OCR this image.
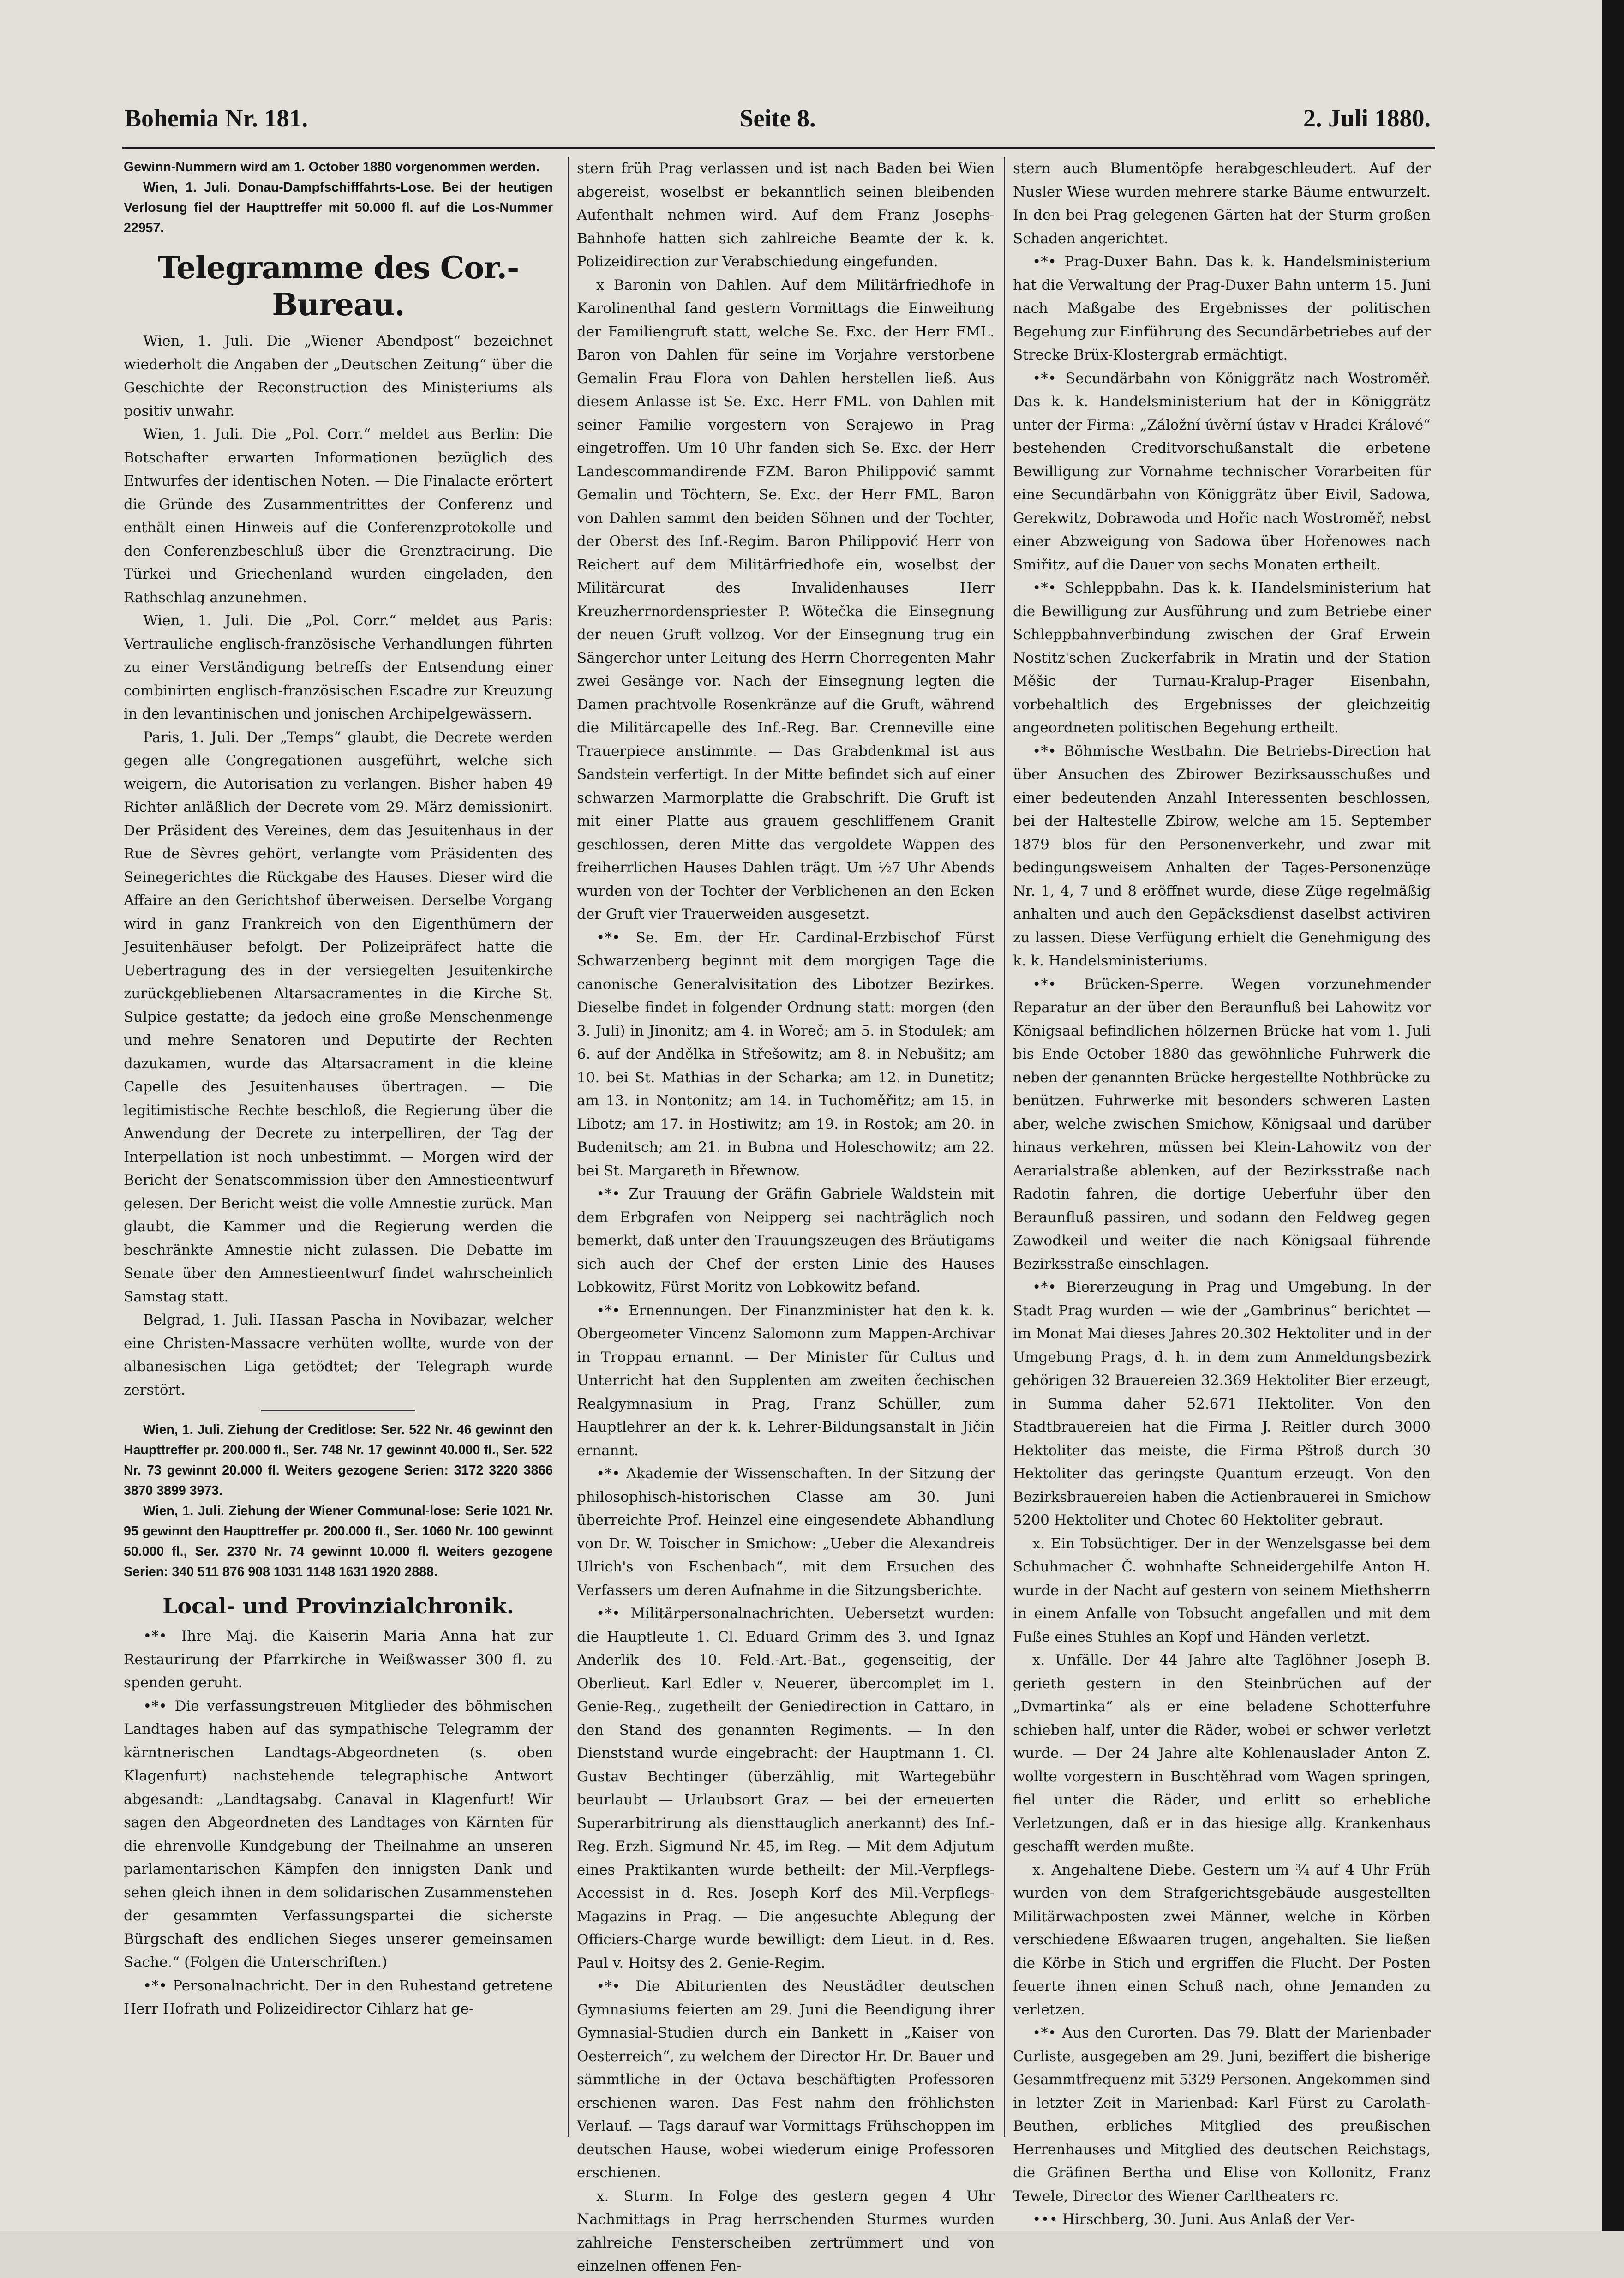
Bohemia Nr. 181.	Seite 8.	2. Juli 1880.

Gewinn-Nummern wird am 1. October 1880 vorgenommen werden.

Wien, 1. Juli. Donau-Dampfschifffahrts-Lose. Bei der heutigen Verlosung fiel der Haupttreffer mit 50.000 fl. auf die Los-Nummer 22957.

Telegramme des Cor.-Bureau.

Wien, 1. Juli. Die „Wiener Abendpost“ bezeichnet wiederholt die Angaben der „Deutschen Zeitung“ über die Geschichte der Reconstruction des Ministeriums als positiv unwahr.

Wien, 1. Juli. Die „Pol. Corr.“ meldet aus Berlin: Die Botschafter erwarten Informationen bezüglich des Entwurfes der identischen Noten. — Die Finalacte erörtert die Gründe des Zusammentrittes der Conferenz und enthält einen Hinweis auf die Conferenzprotokolle und den Conferenzbeschluß über die Grenztracirung. Die Türkei und Griechenland wurden eingeladen, den Rathschlag anzunehmen.

Wien, 1. Juli. Die „Pol. Corr.“ meldet aus Paris: Vertrauliche englisch-französische Verhandlungen führten zu einer Verständigung betreffs der Entsendung einer combinirten englisch-französischen Escadre zur Kreuzung in den levantinischen und jonischen Archipelgewässern.

Paris, 1. Juli. Der „Temps“ glaubt, die Decrete werden gegen alle Congregationen ausgeführt, welche sich weigern, die Autorisation zu verlangen. Bisher haben 49 Richter anläßlich der Decrete vom 29. März demissionirt. Der Präsident des Vereines, dem das Jesuitenhaus in der Rue de Sèvres gehört, verlangte vom Präsidenten des Seinegerichtes die Rückgabe des Hauses. Dieser wird die Affaire an den Gerichtshof überweisen. Derselbe Vorgang wird in ganz Frankreich von den Eigenthümern der Jesuitenhäuser befolgt. Der Polizeipräfect hatte die Uebertragung des in der versiegelten Jesuitenkirche zurückgebliebenen Altarsacramentes in die Kirche St. Sulpice gestatte; da jedoch eine große Menschenmenge und mehre Senatoren und Deputirte der Rechten dazukamen, wurde das Altarsacrament in die kleine Capelle des Jesuitenhauses übertragen. — Die legitimistische Rechte beschloß, die Regierung über die Anwendung der Decrete zu interpelliren, der Tag der Interpellation ist noch unbestimmt. — Morgen wird der Bericht der Senatscommission über den Amnestieentwurf gelesen. Der Bericht weist die volle Amnestie zurück. Man glaubt, die Kammer und die Regierung werden die beschränkte Amnestie nicht zulassen. Die Debatte im Senate über den Amnestieentwurf findet wahrscheinlich Samstag statt.

Belgrad, 1. Juli. Hassan Pascha in Novibazar, welcher eine Christen-Massacre verhüten wollte, wurde von der albanesischen Liga getödtet; der Telegraph wurde zerstört.

Wien, 1. Juli. Ziehung der Creditlose: Ser. 522 Nr. 46 gewinnt den Haupttreffer pr. 200.000 fl., Ser. 748 Nr. 17 gewinnt 40.000 fl., Ser. 522 Nr. 73 gewinnt 20.000 fl. Weiters gezogene Serien: 3172 3220 3866 3870 3899 3973.

Wien, 1. Juli. Ziehung der Wiener Communal-lose: Serie 1021 Nr. 95 gewinnt den Haupttreffer pr. 200.000 fl., Ser. 1060 Nr. 100 gewinnt 50.000 fl., Ser. 2370 Nr. 74 gewinnt 10.000 fl. Weiters gezogene Serien: 340 511 876 908 1031 1148 1631 1920 2888.

Local- und Provinzialchronik.

•*• Ihre Maj. die Kaiserin Maria Anna hat zur Restaurirung der Pfarrkirche in Weißwasser 300 fl. zu spenden geruht.

•*• Die verfassungstreuen Mitglieder des böhmischen Landtages haben auf das sympathische Telegramm der kärntnerischen Landtags-Abgeordneten (s. oben Klagenfurt) nachstehende telegraphische Antwort abgesandt: „Landtagsabg. Canaval in Klagenfurt! Wir sagen den Abgeordneten des Landtages von Kärnten für die ehrenvolle Kundgebung der Theilnahme an unseren parlamentarischen Kämpfen den innigsten Dank und sehen gleich ihnen in dem solidarischen Zusammenstehen der gesammten Verfassungspartei die sicherste Bürgschaft des endlichen Sieges unserer gemeinsamen Sache.“ (Folgen die Unterschriften.)

•*• Personalnachricht. Der in den Ruhestand getretene Herr Hofrath und Polizeidirector Cihlarz hat ge-

stern früh Prag verlassen und ist nach Baden bei Wien abgereist, woselbst er bekanntlich seinen bleibenden Aufenthalt nehmen wird. Auf dem Franz Josephs-Bahnhofe hatten sich zahlreiche Beamte der k. k. Polizeidirection zur Verabschiedung eingefunden.

x Baronin von Dahlen. Auf dem Militärfriedhofe in Karolinenthal fand gestern Vormittags die Einweihung der Familiengruft statt, welche Se. Exc. der Herr FML. Baron von Dahlen für seine im Vorjahre verstorbene Gemalin Frau Flora von Dahlen herstellen ließ. Aus diesem Anlasse ist Se. Exc. Herr FML. von Dahlen mit seiner Familie vorgestern von Serajewo in Prag eingetroffen. Um 10 Uhr fanden sich Se. Exc. der Herr Landescommandirende FZM. Baron Philippović sammt Gemalin und Töchtern, Se. Exc. der Herr FML. Baron von Dahlen sammt den beiden Söhnen und der Tochter, der Oberst des Inf.-Regim. Baron Philippović Herr von Reichert auf dem Militärfriedhofe ein, woselbst der Militärcurat des Invalidenhauses Herr Kreuzherrnordenspriester P. Wötečka die Einsegnung der neuen Gruft vollzog. Vor der Einsegnung trug ein Sängerchor unter Leitung des Herrn Chorregenten Mahr zwei Gesänge vor. Nach der Einsegnung legten die Damen prachtvolle Rosenkränze auf die Gruft, während die Militärcapelle des Inf.-Reg. Bar. Crenneville eine Trauerpiece anstimmte. — Das Grabdenkmal ist aus Sandstein verfertigt. In der Mitte befindet sich auf einer schwarzen Marmorplatte die Grabschrift. Die Gruft ist mit einer Platte aus grauem geschliffenem Granit geschlossen, deren Mitte das vergoldete Wappen des freiherrlichen Hauses Dahlen trägt. Um ½7 Uhr Abends wurden von der Tochter der Verblichenen an den Ecken der Gruft vier Trauerweiden ausgesetzt.

•*• Se. Em. der Hr. Cardinal-Erzbischof Fürst Schwarzenberg beginnt mit dem morgigen Tage die canonische Generalvisitation des Libotzer Bezirkes. Dieselbe findet in folgender Ordnung statt: morgen (den 3. Juli) in Jinonitz; am 4. in Woreč; am 5. in Stodulek; am 6. auf der Andělka in Střešowitz; am 8. in Nebušitz; am 10. bei St. Mathias in der Scharka; am 12. in Dunetitz; am 13. in Nontonitz; am 14. in Tuchoměřitz; am 15. in Libotz; am 17. in Hostiwitz; am 19. in Rostok; am 20. in Budenitsch; am 21. in Bubna und Holeschowitz; am 22. bei St. Margareth in Břewnow.

•*• Zur Trauung der Gräfin Gabriele Waldstein mit dem Erbgrafen von Neipperg sei nachträglich noch bemerkt, daß unter den Trauungszeugen des Bräutigams sich auch der Chef der ersten Linie des Hauses Lobkowitz, Fürst Moritz von Lobkowitz befand.

•*• Ernennungen. Der Finanzminister hat den k. k. Obergeometer Vincenz Salomonn zum Mappen-Archivar in Troppau ernannt. — Der Minister für Cultus und Unterricht hat den Supplenten am zweiten čechischen Realgymnasium in Prag, Franz Schüller, zum Hauptlehrer an der k. k. Lehrer-Bildungsanstalt in Jičin ernannt.

•*• Akademie der Wissenschaften. In der Sitzung der philosophisch-historischen Classe am 30. Juni überreichte Prof. Heinzel eine eingesendete Abhandlung von Dr. W. Toischer in Smichow: „Ueber die Alexandreis Ulrich's von Eschenbach“, mit dem Ersuchen des Verfassers um deren Aufnahme in die Sitzungsberichte.

•*• Militärpersonalnachrichten. Uebersetzt wurden: die Hauptleute 1. Cl. Eduard Grimm des 3. und Ignaz Anderlik des 10. Feld.-Art.-Bat., gegenseitig, der Oberlieut. Karl Edler v. Neuerer, übercomplet im 1. Genie-Reg., zugetheilt der Geniedirection in Cattaro, in den Stand des genannten Regiments. — In den Dienststand wurde eingebracht: der Hauptmann 1. Cl. Gustav Bechtinger (überzählig, mit Wartegebühr beurlaubt — Urlaubsort Graz — bei der erneuerten Superarbitrirung als diensttauglich anerkannt) des Inf.-Reg. Erzh. Sigmund Nr. 45, im Reg. — Mit dem Adjutum eines Praktikanten wurde betheilt: der Mil.-Verpflegs-Accessist in d. Res. Joseph Korf des Mil.-Verpflegs-Magazins in Prag. — Die angesuchte Ablegung der Officiers-Charge wurde bewilligt: dem Lieut. in d. Res. Paul v. Hoitsy des 2. Genie-Regim.

•*• Die Abiturienten des Neustädter deutschen Gymnasiums feierten am 29. Juni die Beendigung ihrer Gymnasial-Studien durch ein Bankett in „Kaiser von Oesterreich“, zu welchem der Director Hr. Dr. Bauer und sämmtliche in der Octava beschäftigten Professoren erschienen waren. Das Fest nahm den fröhlichsten Verlauf. — Tags darauf war Vormittags Frühschoppen im deutschen Hause, wobei wiederum einige Professoren erschienen.

x. Sturm. In Folge des gestern gegen 4 Uhr Nachmittags in Prag herrschenden Sturmes wurden zahlreiche Fensterscheiben zertrümmert und von einzelnen offenen Fen-

stern auch Blumentöpfe herabgeschleudert. Auf der Nusler Wiese wurden mehrere starke Bäume entwurzelt. In den bei Prag gelegenen Gärten hat der Sturm großen Schaden angerichtet.

•*• Prag-Duxer Bahn. Das k. k. Handelsministerium hat die Verwaltung der Prag-Duxer Bahn unterm 15. Juni nach Maßgabe des Ergebnisses der politischen Begehung zur Einführung des Secundärbetriebes auf der Strecke Brüx-Klostergrab ermächtigt.

•*• Secundärbahn von Königgrätz nach Wostroměř. Das k. k. Handelsministerium hat der in Königgrätz unter der Firma: „Záložní úvěrní ústav v Hradci Králové“ bestehenden Creditvorschußanstalt die erbetene Bewilligung zur Vornahme technischer Vorarbeiten für eine Secundärbahn von Königgrätz über Eivil, Sadowa, Gerekwitz, Dobrawoda und Hořic nach Wostroměř, nebst einer Abzweigung von Sadowa über Hořenowes nach Smiřitz, auf die Dauer von sechs Monaten ertheilt.

•*• Schleppbahn. Das k. k. Handelsministerium hat die Bewilligung zur Ausführung und zum Betriebe einer Schleppbahnverbindung zwischen der Graf Erwein Nostitz'schen Zuckerfabrik in Mratin und der Station Měšic der Turnau-Kralup-Prager Eisenbahn, vorbehaltlich des Ergebnisses der gleichzeitig angeordneten politischen Begehung ertheilt.

•*• Böhmische Westbahn. Die Betriebs-Direction hat über Ansuchen des Zbirower Bezirksausschußes und einer bedeutenden Anzahl Interessenten beschlossen, bei der Haltestelle Zbirow, welche am 15. September 1879 blos für den Personenverkehr, und zwar mit bedingungsweisem Anhalten der Tages-Personenzüge Nr. 1, 4, 7 und 8 eröffnet wurde, diese Züge regelmäßig anhalten und auch den Gepäcksdienst daselbst activiren zu lassen. Diese Verfügung erhielt die Genehmigung des k. k. Handelsministeriums.

•*• Brücken-Sperre. Wegen vorzunehmender Reparatur an der über den Beraunfluß bei Lahowitz vor Königsaal befindlichen hölzernen Brücke hat vom 1. Juli bis Ende October 1880 das gewöhnliche Fuhrwerk die neben der genannten Brücke hergestellte Nothbrücke zu benützen. Fuhrwerke mit besonders schweren Lasten aber, welche zwischen Smichow, Königsaal und darüber hinaus verkehren, müssen bei Klein-Lahowitz von der Aerarialstraße ablenken, auf der Bezirksstraße nach Radotin fahren, die dortige Ueberfuhr über den Beraunfluß passiren, und sodann den Feldweg gegen Zawodkeil und weiter die nach Königsaal führende Bezirksstraße einschlagen.

•*• Biererzeugung in Prag und Umgebung. In der Stadt Prag wurden — wie der „Gambrinus“ berichtet — im Monat Mai dieses Jahres 20.302 Hektoliter und in der Umgebung Prags, d. h. in dem zum Anmeldungsbezirk gehörigen 32 Brauereien 32.369 Hektoliter Bier erzeugt, in Summa daher 52.671 Hektoliter. Von den Stadtbrauereien hat die Firma J. Reitler durch 3000 Hektoliter das meiste, die Firma Pštroß durch 30 Hektoliter das geringste Quantum erzeugt. Von den Bezirksbrauereien haben die Actienbrauerei in Smichow 5200 Hektoliter und Chotec 60 Hektoliter gebraut.

x. Ein Tobsüchtiger. Der in der Wenzelsgasse bei dem Schuhmacher Č. wohnhafte Schneidergehilfe Anton H. wurde in der Nacht auf gestern von seinem Miethsherrn in einem Anfalle von Tobsucht angefallen und mit dem Fuße eines Stuhles an Kopf und Händen verletzt.

x. Unfälle. Der 44 Jahre alte Taglöhner Joseph B. gerieth gestern in den Steinbrüchen auf der „Dvmartinka“ als er eine beladene Schotterfuhre schieben half, unter die Räder, wobei er schwer verletzt wurde. — Der 24 Jahre alte Kohlenauslader Anton Z. wollte vorgestern in Buschtěhrad vom Wagen springen, fiel unter die Räder, und erlitt so erhebliche Verletzungen, daß er in das hiesige allg. Krankenhaus geschafft werden mußte.

x. Angehaltene Diebe. Gestern um ¾ auf 4 Uhr Früh wurden von dem Strafgerichtsgebäude ausgestellten Militärwachposten zwei Männer, welche in Körben verschiedene Eßwaaren trugen, angehalten. Sie ließen die Körbe in Stich und ergriffen die Flucht. Der Posten feuerte ihnen einen Schuß nach, ohne Jemanden zu verletzen.

•*• Aus den Curorten. Das 79. Blatt der Marienbader Curliste, ausgegeben am 29. Juni, beziffert die bisherige Gesammtfrequenz mit 5329 Personen. Angekommen sind in letzter Zeit in Marienbad: Karl Fürst zu Carolath-Beuthen, erbliches Mitglied des preußischen Herrenhauses und Mitglied des deutschen Reichstags, die Gräfinen Bertha und Elise von Kollonitz, Franz Tewele, Director des Wiener Carltheaters rc.

••• Hirschberg, 30. Juni. Aus Anlaß der Ver-
